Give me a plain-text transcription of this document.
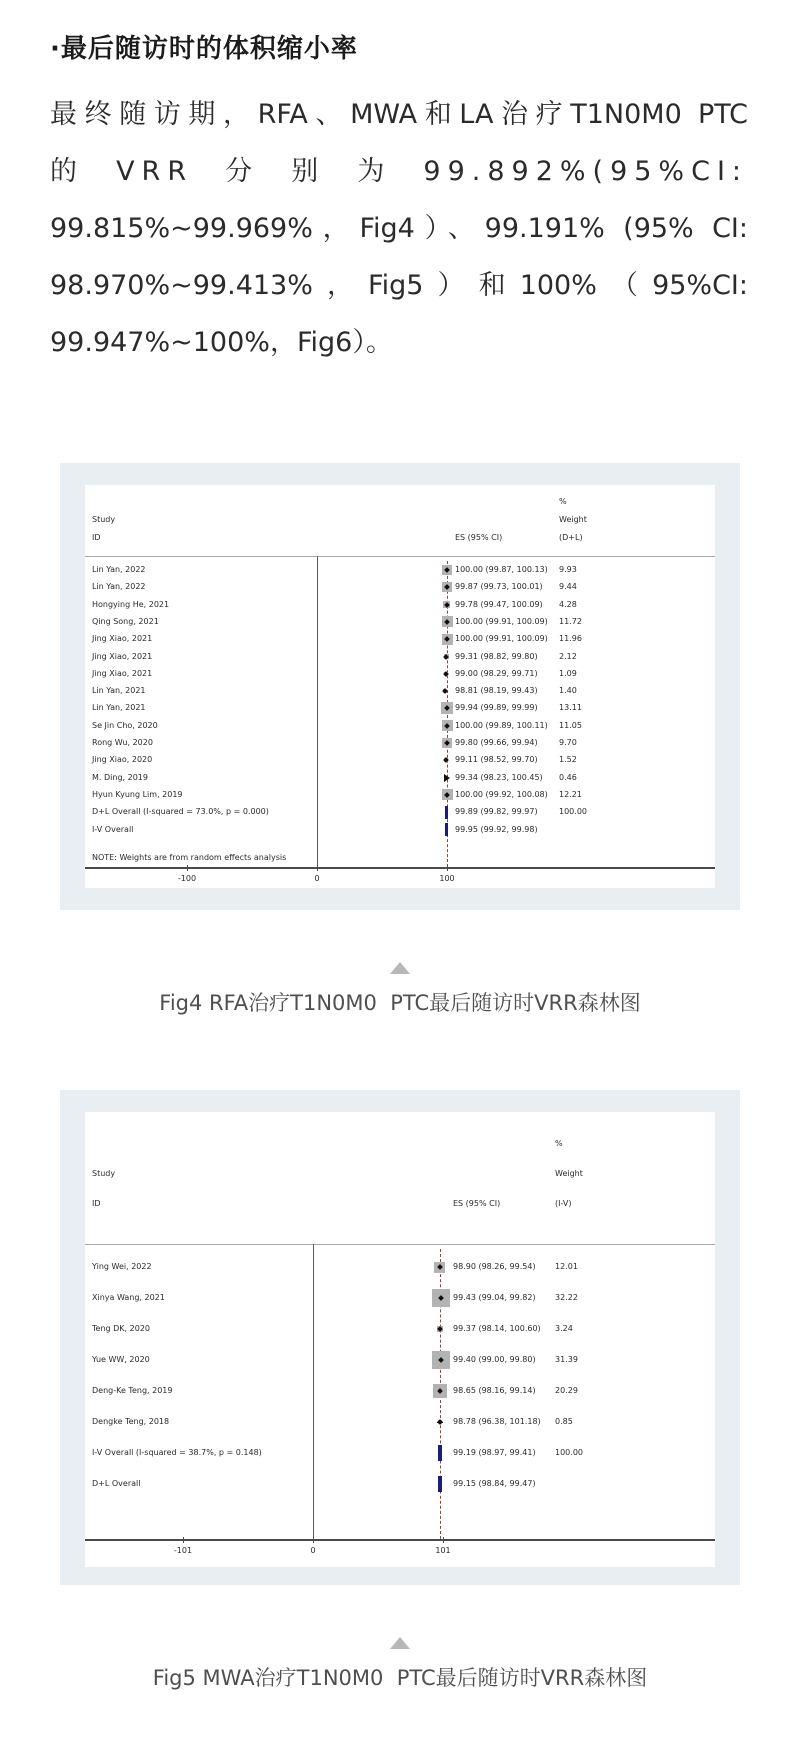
·最后随访时的体积缩小率
最终随访期，RFA、MWA和LA治疗T1N0M0 PTC
的VRR分别为99.892%(95%CI:
99.815%~99.969%，Fig4）、99.191% (95% CI:
98.970%~99.413%，Fig5）和100%（95%CI:
99.947%~100%，Fig6）。
%
Study	Weight
ID	ES (95% CI)	(D+L)
-100	0	100
Lin Yan, 2022	100.00 (99.87, 100.13) 9.93
Lin Yan, 2022	99.87 (99.73, 100.01) 9.44
Hongying He, 2021	99.78 (99.47, 100.09) 4.28
Qing Song, 2021	100.00 (99.91, 100.09) 11.72
Jing Xiao, 2021	100.00 (99.91, 100.09) 11.96
Jing Xiao, 2021	99.31 (98.82, 99.80)	2.12
Jing Xiao, 2021	99.00 (98.29, 99.71)	1.09
Lin Yan, 2021	98.81 (98.19, 99.43)	1.40
Lin Yan, 2021	99.94 (99.89, 99.99)	13.11
Se Jin Cho, 2020	100.00 (99.89, 100.11) 11.05
Rong Wu, 2020	99.80 (99.66, 99.94)	9.70
Jing Xiao, 2020	99.11 (98.52, 99.70)	1.52
M. Ding, 2019	99.34 (98.23, 100.45) 0.46
Hyun Kyung Lim, 2019	100.00 (99.92, 100.08) 12.21
D+L Overall (I-squared = 73.0%, p = 0.000)	99.89 (99.82, 99.97)	100.00
I-V Overall	99.95 (99.92, 99.98)
NOTE: Weights are from random effects analysis
Fig4 RFA治疗T1N0M0  PTC最后随访时VRR森林图
%
Study	Weight
ID	ES (95% CI)	(I-V)
-101	0	101
Ying Wei, 2022	98.90 (98.26, 99.54) 12.01
Xinya Wang, 2021	99.43 (99.04, 99.82) 32.22
Teng DK, 2020	99.37 (98.14, 100.60) 3.24
Yue WW, 2020	99.40 (99.00, 99.80) 31.39
Deng-Ke Teng, 2019	98.65 (98.16, 99.14) 20.29
Dengke Teng, 2018	98.78 (96.38, 101.18) 0.85
I-V Overall (I-squared = 38.7%, p = 0.148)	99.19 (98.97, 99.41) 100.00
D+L Overall	99.15 (98.84, 99.47)
Fig5 MWA治疗T1N0M0  PTC最后随访时VRR森林图
